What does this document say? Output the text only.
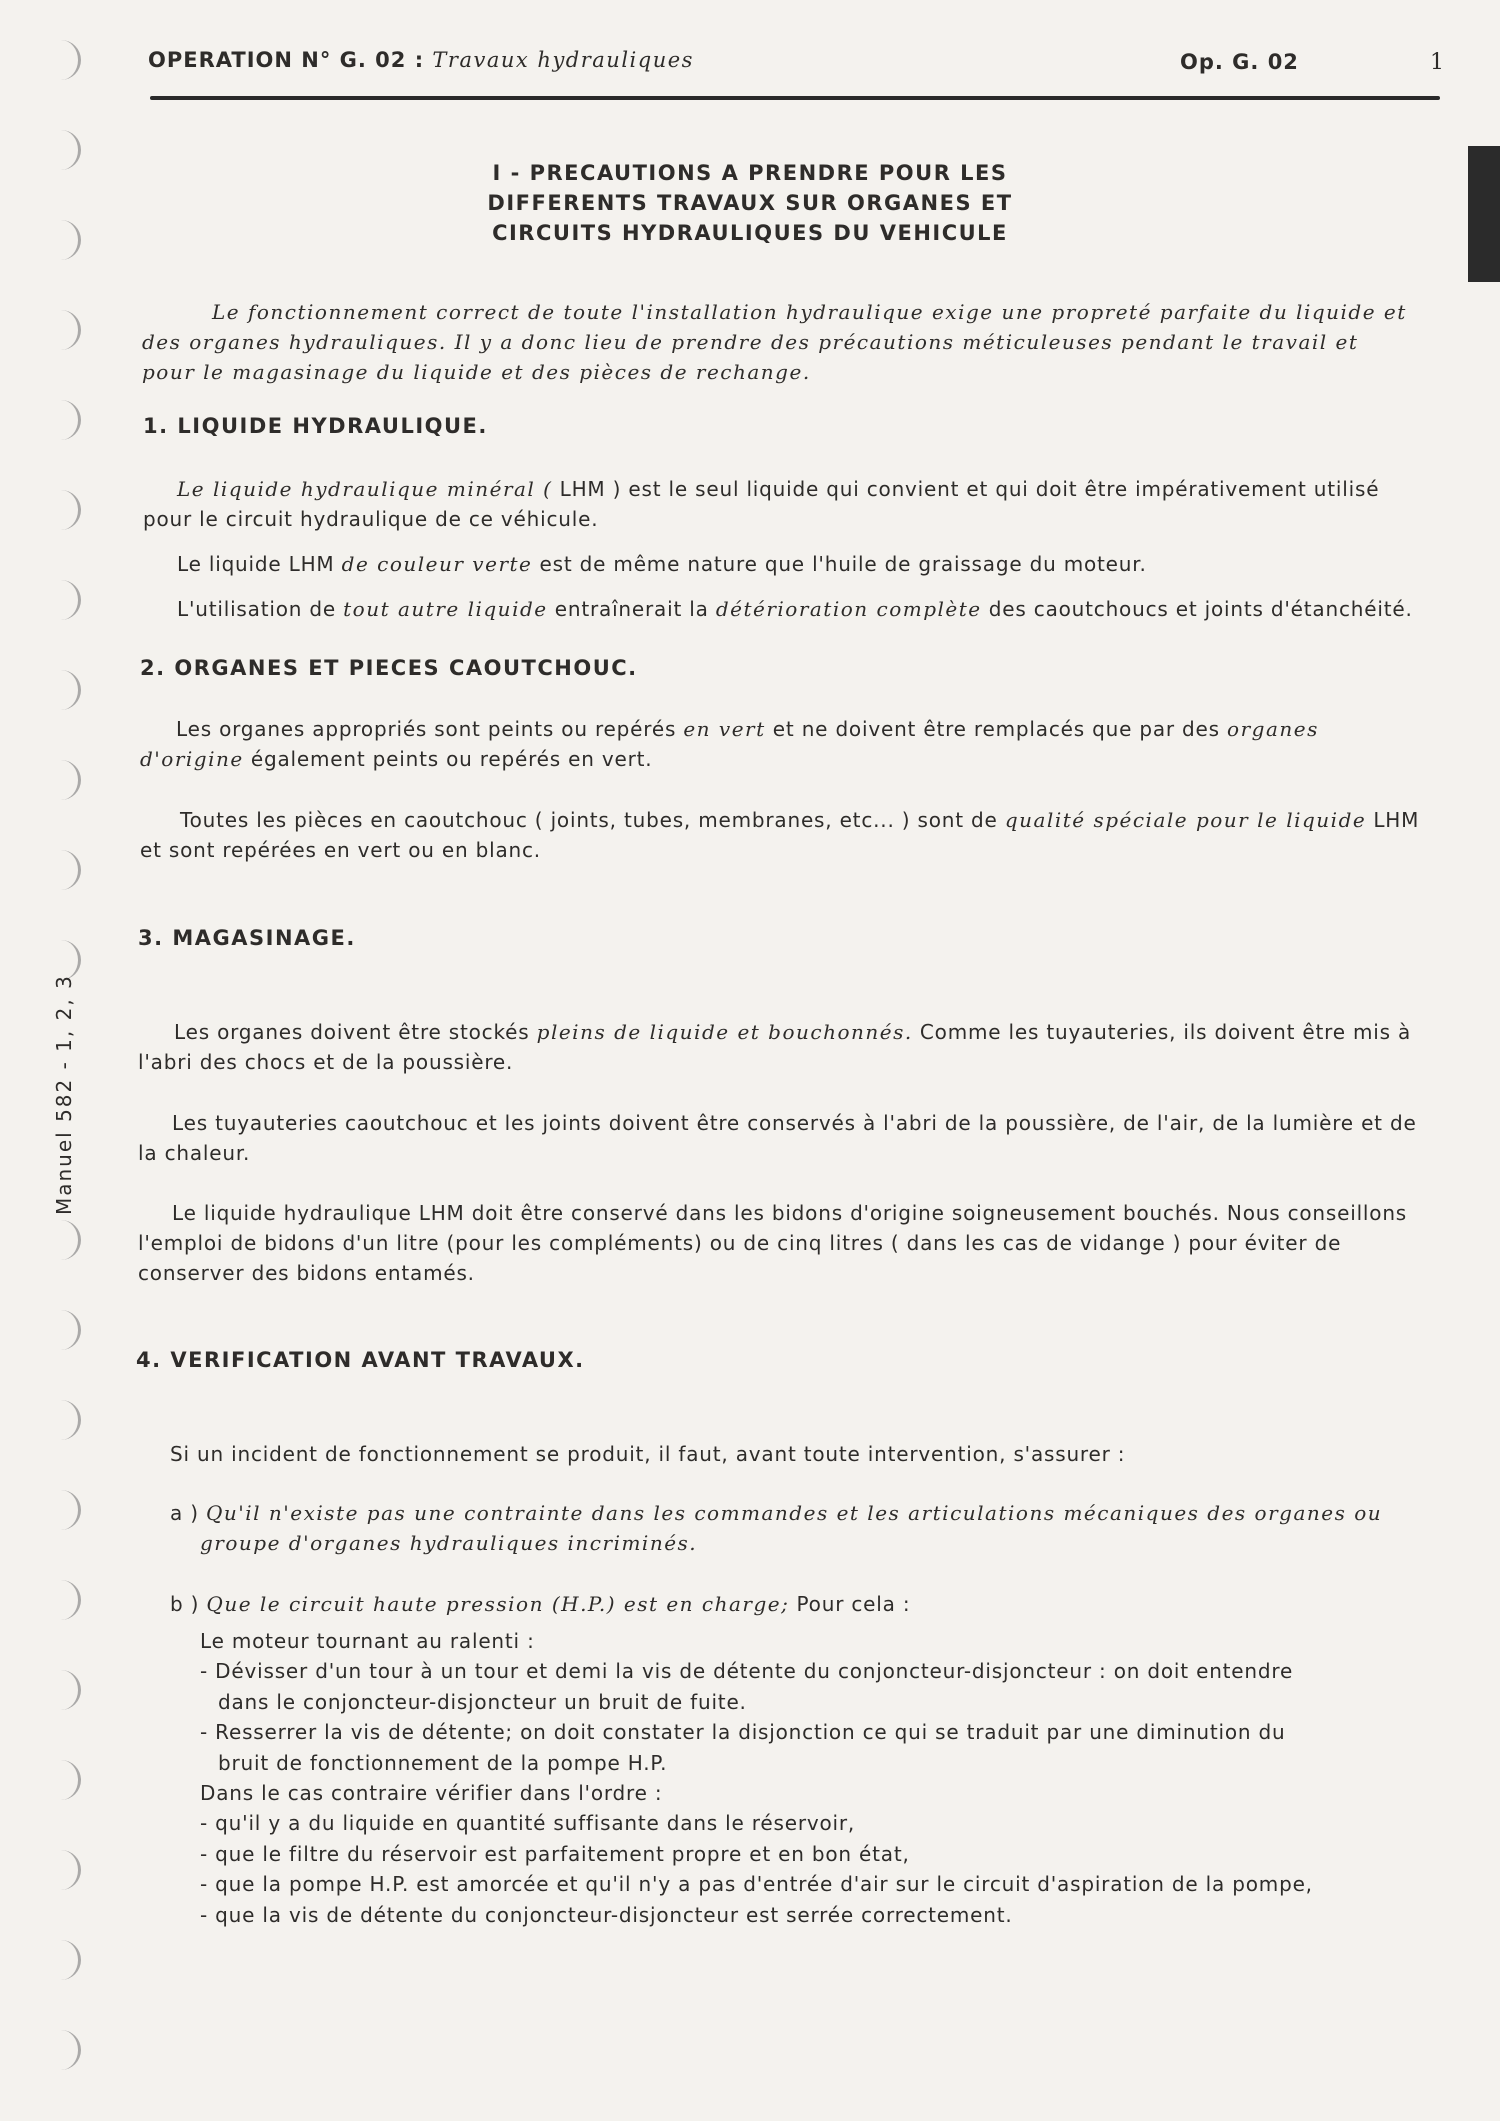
Manuel 582 - 1, 2, 3
OPERATION N° G. 02 : Travaux hydrauliques	Op. G. 02	1
I - PRECAUTIONS A PRENDRE POUR LES
DIFFERENTS TRAVAUX SUR ORGANES ET
CIRCUITS HYDRAULIQUES DU VEHICULE

Le fonctionnement correct de toute l'installation hydraulique exige une propreté parfaite du liquide et des organes hydrauliques. Il y a donc lieu de prendre des précautions méticuleuses pendant le travail et pour le magasinage du liquide et des pièces de rechange.

1. LIQUIDE HYDRAULIQUE.

Le liquide hydraulique minéral ( LHM ) est le seul liquide qui convient et qui doit être impérativement utilisé pour le circuit hydraulique de ce véhicule.

Le liquide LHM de couleur verte est de même nature que l'huile de graissage du moteur.

L'utilisation de tout autre liquide entraînerait la détérioration complète des caoutchoucs et joints d'étanchéité.

2. ORGANES ET PIECES CAOUTCHOUC.

Les organes appropriés sont peints ou repérés en vert et ne doivent être remplacés que par des organes d'origine également peints ou repérés en vert.

Toutes les pièces en caoutchouc ( joints, tubes, membranes, etc... ) sont de qualité spéciale pour le liquide LHM et sont repérées en vert ou en blanc.

3. MAGASINAGE.

Les organes doivent être stockés pleins de liquide et bouchonnés. Comme les tuyauteries, ils doivent être mis à l'abri des chocs et de la poussière.

Les tuyauteries caoutchouc et les joints doivent être conservés à l'abri de la poussière, de l'air, de la lumière et de la chaleur.

Le liquide hydraulique LHM doit être conservé dans les bidons d'origine soigneusement bouchés. Nous conseillons l'emploi de bidons d'un litre (pour les compléments) ou de cinq litres ( dans les cas de vidange ) pour éviter de conserver des bidons entamés.

4. VERIFICATION AVANT TRAVAUX.

Si un incident de fonctionnement se produit, il faut, avant toute intervention, s'assurer :

a ) Qu'il n'existe pas une contrainte dans les commandes et les articulations mécaniques des organes ou groupe d'organes hydrauliques incriminés.

b ) Que le circuit haute pression (H.P.) est en charge; Pour cela :

Le moteur tournant au ralenti :
- Dévisser d'un tour à un tour et demi la vis de détente du conjoncteur-disjoncteur : on doit entendre
dans le conjoncteur-disjoncteur un bruit de fuite.
- Resserrer la vis de détente; on doit constater la disjonction ce qui se traduit par une diminution du
bruit de fonctionnement de la pompe H.P.
Dans le cas contraire vérifier dans l'ordre :
- qu'il y a du liquide en quantité suffisante dans le réservoir,
- que le filtre du réservoir est parfaitement propre et en bon état,
- que la pompe H.P. est amorcée et qu'il n'y a pas d'entrée d'air sur le circuit d'aspiration de la pompe,
- que la vis de détente du conjoncteur-disjoncteur est serrée correctement.
